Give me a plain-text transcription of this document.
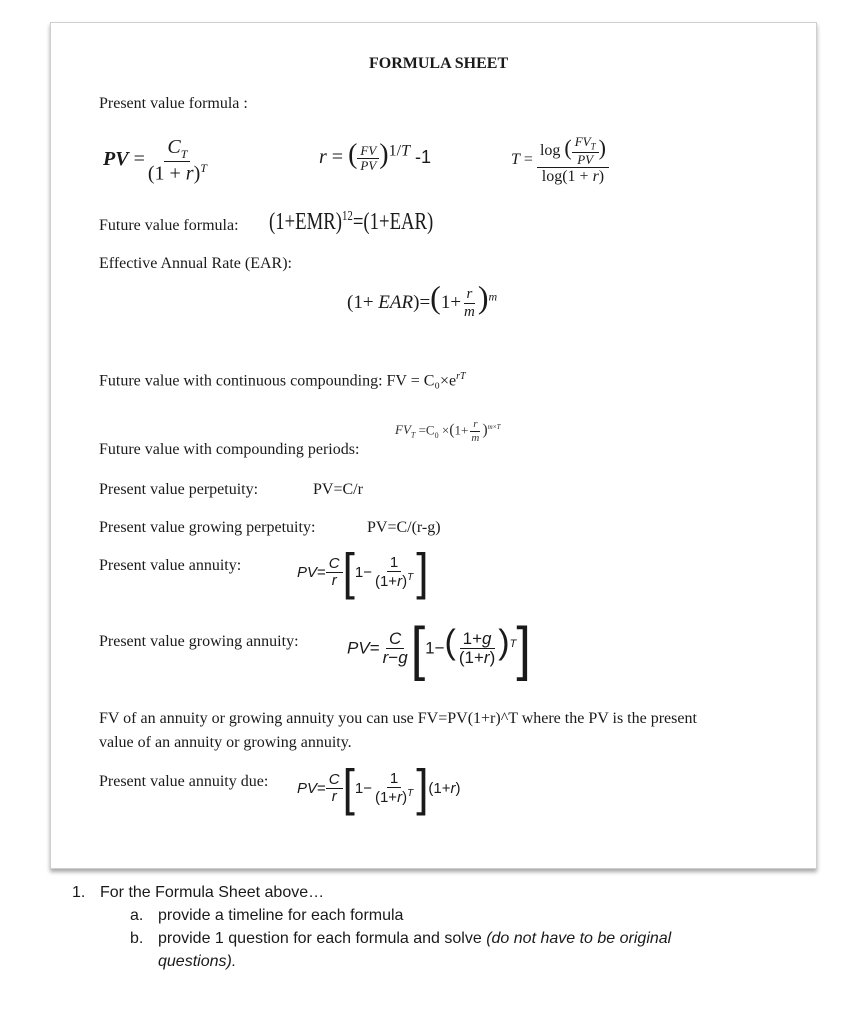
FORMULA SHEET
Present value formula :
PV = $\frac{C_T}{(1 + r)^T}$	r = ( $\frac{FV}{PV} )^{1/T}$ -1	$T = \frac{\log ( \frac{FV_T}{PV} )}{\log(1 + r)}$
Future value formula: $(1+EMR)^{12}=(1+EAR)$
Effective Annual Rate (EAR):
$(1+ EAR)=(1+ \frac{r}{m} )^m$
Future value with continuous compounding: FV = $C_0\times e^{rT}$
$FV_T =C_0 \times(1+ \frac{r}{m} )^{m\times T}$
Future value with compounding periods:
Present value perpetuity:	PV=C/r
Present value growing perpetuity:	PV=C/(r-g)
Present value annuity:	$PV= \frac{C}{r} [1- \frac{1}{(1+r)^T}$ ]
Present value growing annuity:	$PV= \frac{C}{r-g} [1-( \frac{1+g}{(1+r)} )^T]$
FV of an annuity or growing annuity you can use FV=PV(1+r)^T where the PV is the present
value of an annuity or growing annuity.
Present value annuity due: $PV= \frac{C}{r} [1- \frac{1}{(1+r)^T} ](1+r)$
1. For the Formula Sheet above…
a. provide a timeline for each formula
b. provide 1 question for each formula and solve (do not have to be original
questions).
